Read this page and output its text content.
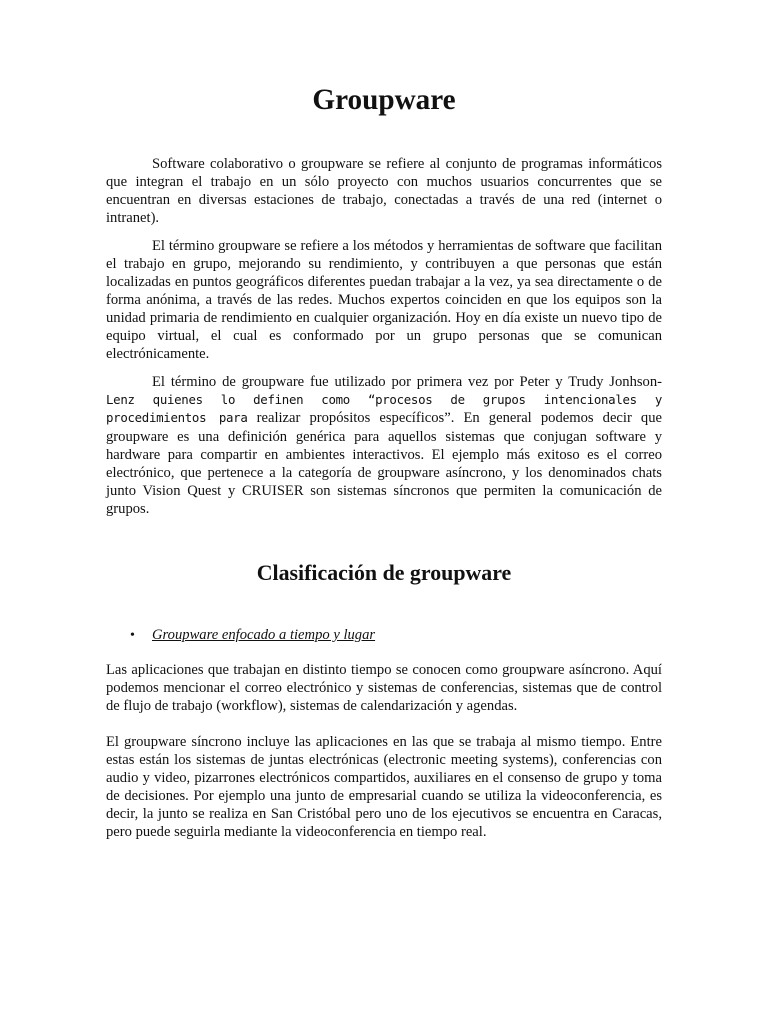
Groupware

Software colaborativo o groupware se refiere al conjunto de programas informáticos que integran el trabajo en un sólo proyecto con muchos usuarios concurrentes que se encuentran en diversas estaciones de trabajo, conectadas a través de una red (internet o intranet).

El término groupware se refiere a los métodos y herramientas de software que facilitan el trabajo en grupo, mejorando su rendimiento, y contribuyen a que personas que están localizadas en puntos geográficos diferentes puedan trabajar a la vez, ya sea directamente o de forma anónima, a través de las redes. Muchos expertos coinciden en que los equipos son la unidad primaria de rendimiento en cualquier organización. Hoy en día existe un nuevo tipo de equipo virtual, el cual es conformado por un grupo personas que se comunican electrónicamente.

El término de groupware fue utilizado por primera vez por Peter y Trudy Jonhson- Lenz quienes lo definen como “procesos de grupos intencionales y procedimientos para realizar propósitos específicos”. En general podemos decir que groupware es una definición genérica para aquellos sistemas que conjugan software y hardware para compartir en ambientes interactivos. El ejemplo más exitoso es el correo electrónico, que pertenece a la categoría de groupware asíncrono, y los denominados chats junto Vision Quest y CRUISER son sistemas síncronos que permiten la comunicación de grupos.

Clasificación de groupware
•	Groupware enfocado a tiempo y lugar

Las aplicaciones que trabajan en distinto tiempo se conocen como groupware asíncrono. Aquí podemos mencionar el correo electrónico y sistemas de conferencias, sistemas que de control de flujo de trabajo (workflow), sistemas de calendarización y agendas.

El groupware síncrono incluye las aplicaciones en las que se trabaja al mismo tiempo. Entre estas están los sistemas de juntas electrónicas (electronic meeting systems), conferencias con audio y video, pizarrones electrónicos compartidos, auxiliares en el consenso de grupo y toma de decisiones. Por ejemplo una junto de empresarial cuando se utiliza la videoconferencia, es decir, la junto se realiza en San Cristóbal pero uno de los ejecutivos se encuentra en Caracas, pero puede seguirla mediante la videoconferencia en tiempo real.
